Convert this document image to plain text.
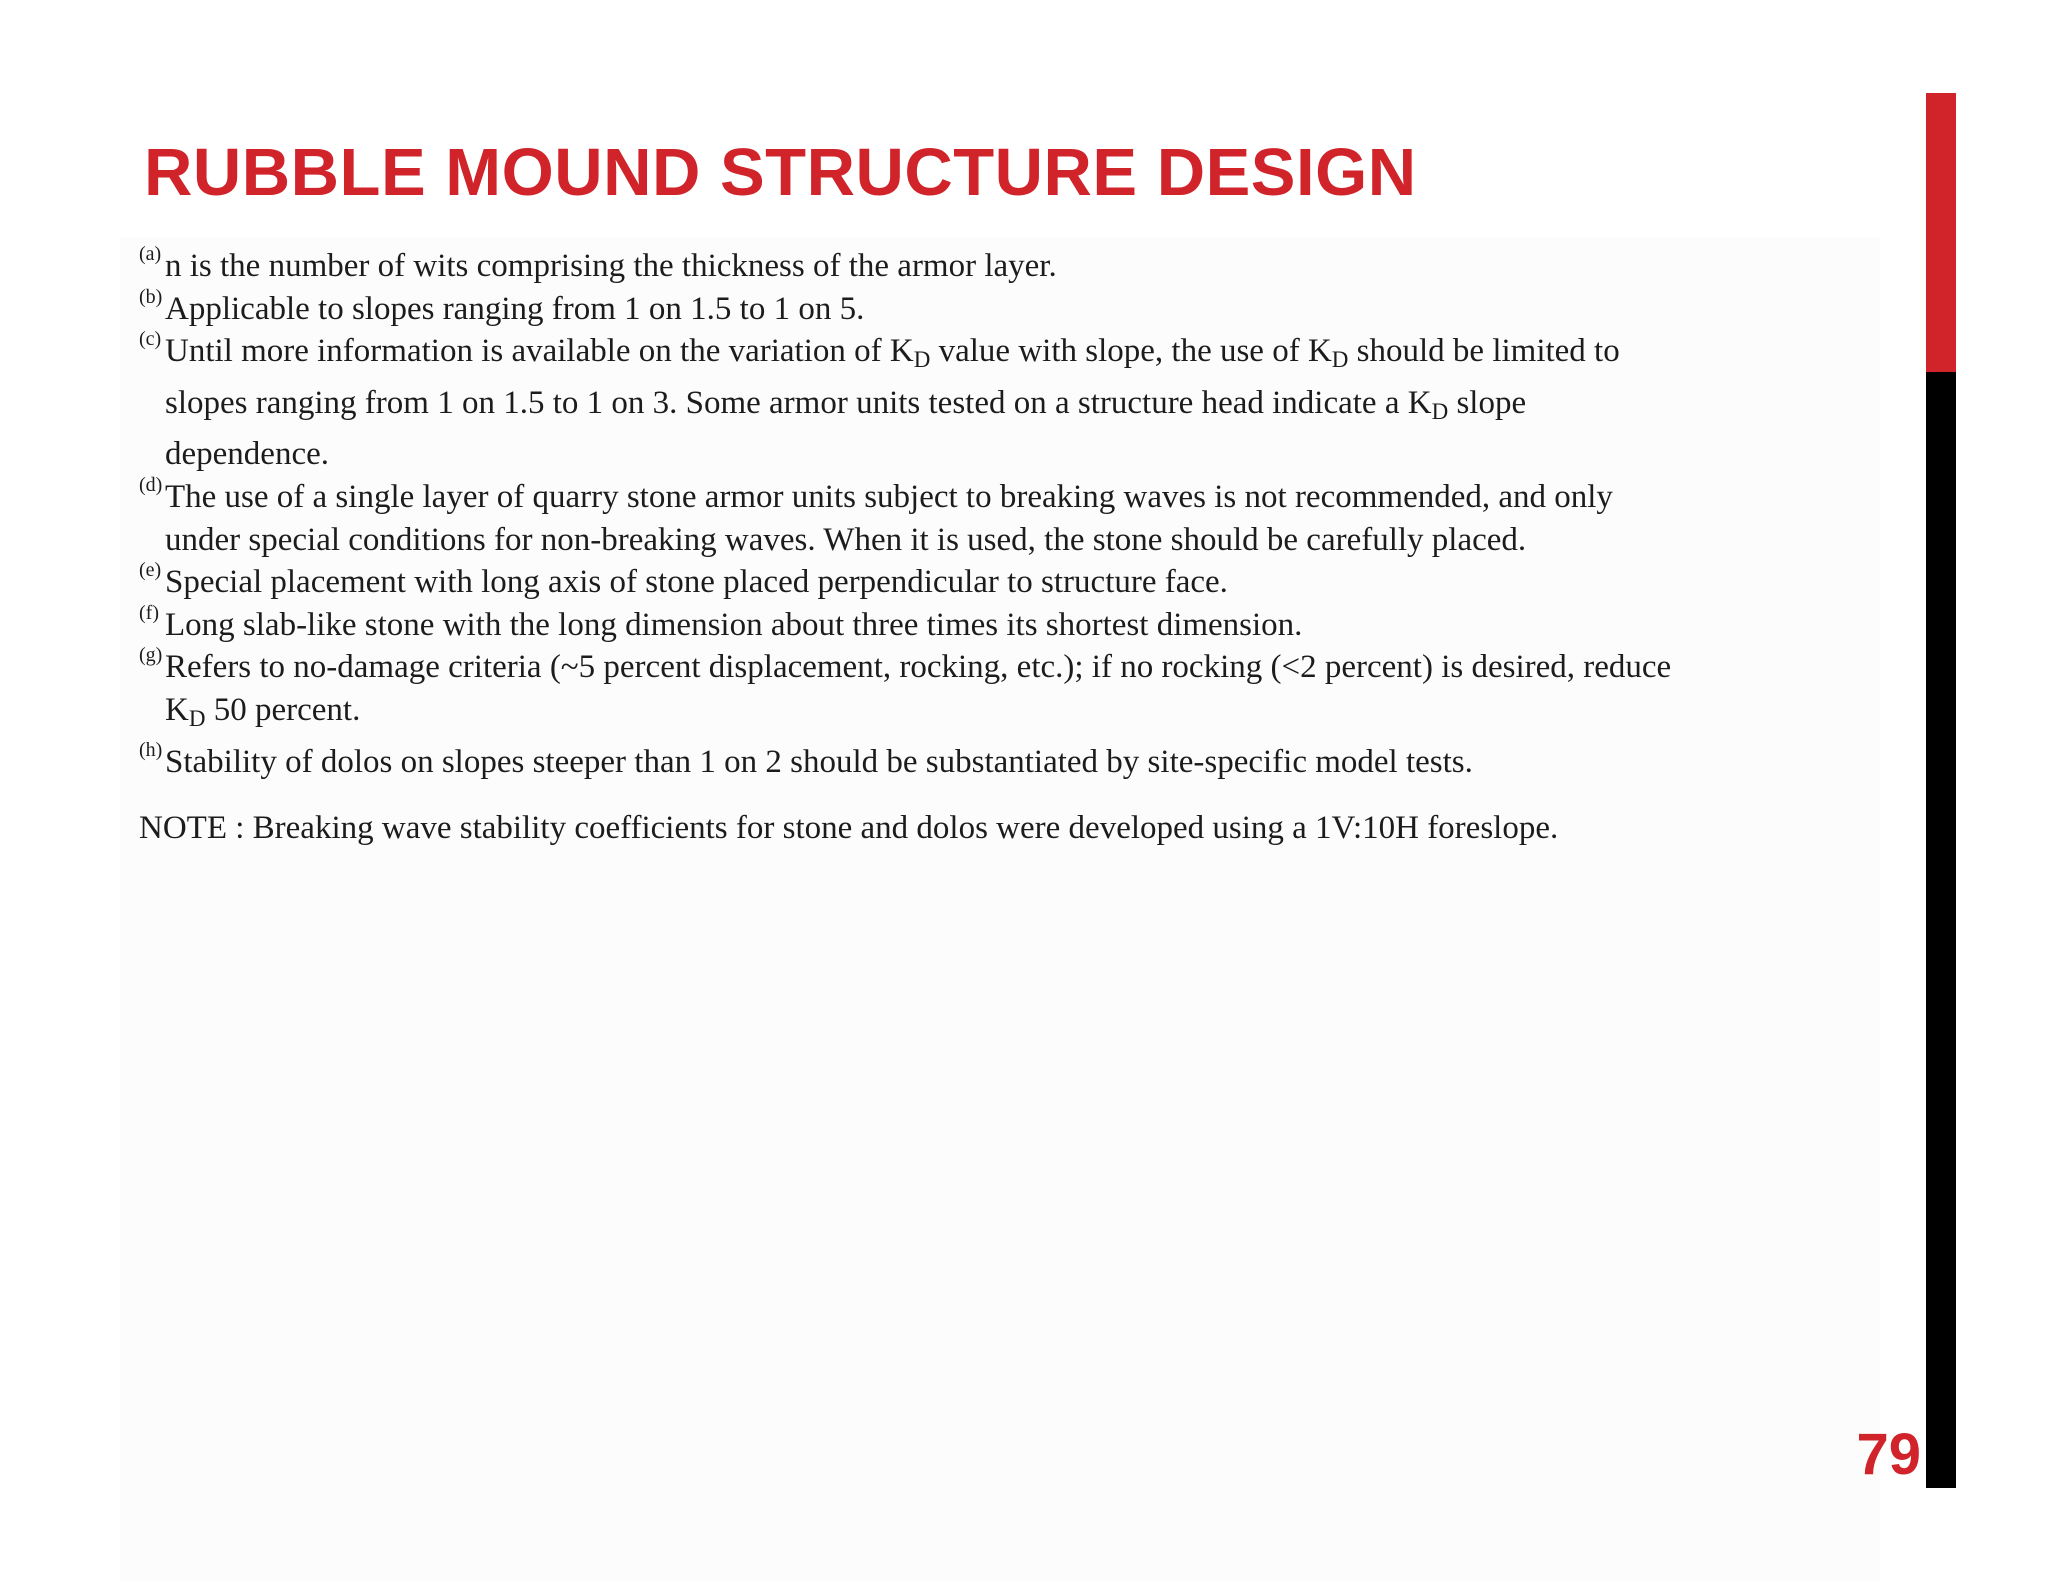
RUBBLE MOUND STRUCTURE DESIGN
(a) n is the number of wits comprising the thickness of the armor layer.
(b) Applicable to slopes ranging from 1 on 1.5 to 1 on 5.
(c) Until more information is available on the variation of $K_D$ value with slope, the use of $K_D$ should be limited to
slopes ranging from 1 on 1.5 to 1 on 3. Some armor units tested on a structure head indicate a $K_D$ slope
dependence.
(d) The use of a single layer of quarry stone armor units subject to breaking waves is not recommended, and only
under special conditions for non-breaking waves. When it is used, the stone should be carefully placed.
(e) Special placement with long axis of stone placed perpendicular to structure face.
(f) Long slab-like stone with the long dimension about three times its shortest dimension.
(g) Refers to no-damage criteria (~5 percent displacement, rocking, etc.); if no rocking (<2 percent) is desired, reduce
$K_D$ 50 percent.
(h) Stability of dolos on slopes steeper than 1 on 2 should be substantiated by site-specific model tests.
NOTE : Breaking wave stability coefficients for stone and dolos were developed using a 1V:10H foreslope.
79
